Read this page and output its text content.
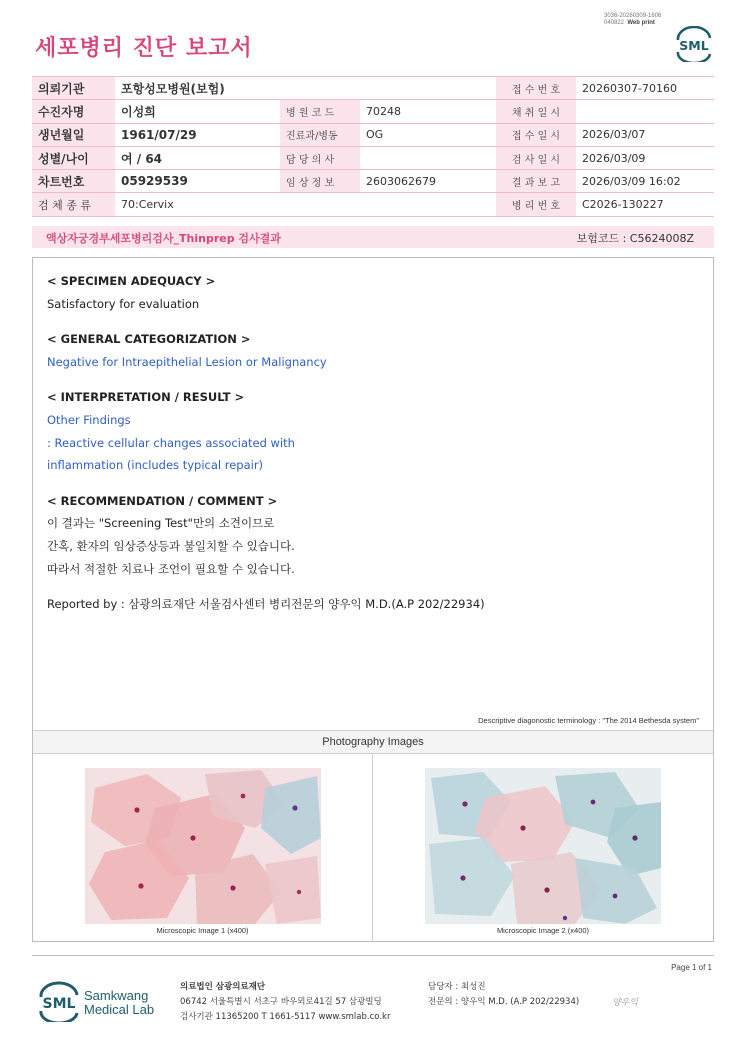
3036-20260309-1606
040822 Web print
세포병리 진단 보고서	SML
의뢰기관	포항성모병원(보험)			접 수 번 호	20260307-70160
수진자명	이성희	병 원 코 드	70248	채 취 일 시	
생년월일	1961/07/29	진료과/병동	OG	접 수 일 시	2026/03/07
성별/나이	여 / 64	담 당 의 사		검 사 일 시	2026/03/09
차트번호	05929539	임 상 정 보	2603062679	결 과 보 고	2026/03/09 16:02
검 체 종 류	70:Cervix			병 리 번 호	C2026-130227
액상자궁경부세포병리검사_Thinprep 검사결과	보험코드 : C5624008Z
< SPECIMEN ADEQUACY >
Satisfactory for evaluation
< GENERAL CATEGORIZATION >
Negative for Intraepithelial Lesion or Malignancy
< INTERPRETATION / RESULT >
Other Findings
: Reactive cellular changes associated with
inflammation (includes typical repair)
< RECOMMENDATION / COMMENT >
이 결과는 "Screening Test"만의 소견이므로
간혹, 환자의 임상증상등과 불일치할 수 있습니다.
따라서 적절한 치료나 조언이 필요할 수 있습니다.
Reported by : 삼광의료재단 서울검사센터 병리전문의 양우익 M.D.(A.P 202/22934)
Descriptive diagonostic terminology : "The 2014 Bethesda system"
Photography Images
Microscopic Image 1 (x400)	Microscopic Image 2 (x400)
Page 1 of 1
SML
Samkwang
Medical Lab
의료법인 삼광의료재단
06742 서울특별시 서초구 바우뫼로41길 57 삼광빌딩
검사기관 11365200 T 1661-5117 www.smlab.co.kr
담당자 : 최성진
전문의 : 양우익 M.D. (A.P 202/22934)	양우익
